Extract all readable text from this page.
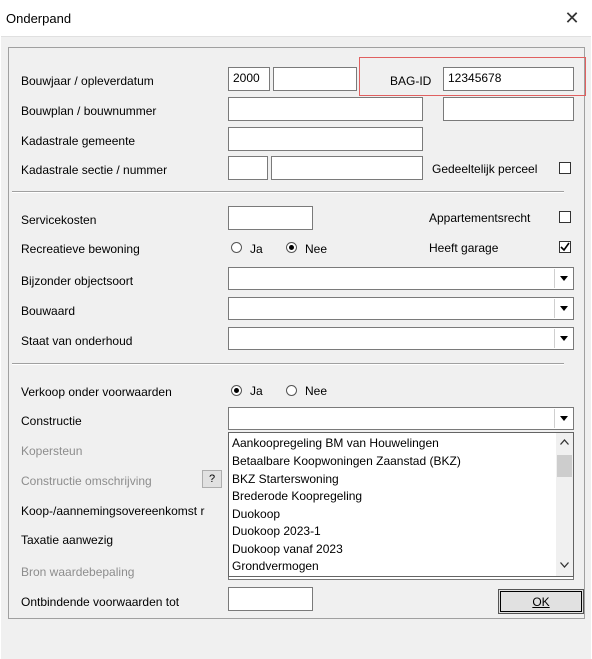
Onderpand	✕
Bouwjaar / opleverdatum	2000	BAG-ID	12345678
Bouwplan / bouwnummer
Kadastrale gemeente
Kadastrale sectie / nummer	Gedeeltelijk perceel
Servicekosten	Appartementsrecht
Recreatieve bewoning	Ja	Nee	Heeft garage
Bijzonder objectsoort
Bouwaard
Staat van onderhoud
Verkoop onder voorwaarden	Ja	Nee
Constructie
Kopersteun
Constructie omschrijving	?
Koop-/aannemingsovereenkomst r
Taxatie aanwezig
Bron waardebepaling
Ontbindende voorwaarden tot
Aankoopregeling BM van Houwelingen
Betaalbare Koopwoningen Zaanstad (BKZ)
BKZ Starterswoning
Brederode Koopregeling
Duokoop
Duokoop 2023-1
Duokoop vanaf 2023
Grondvermogen
OK
